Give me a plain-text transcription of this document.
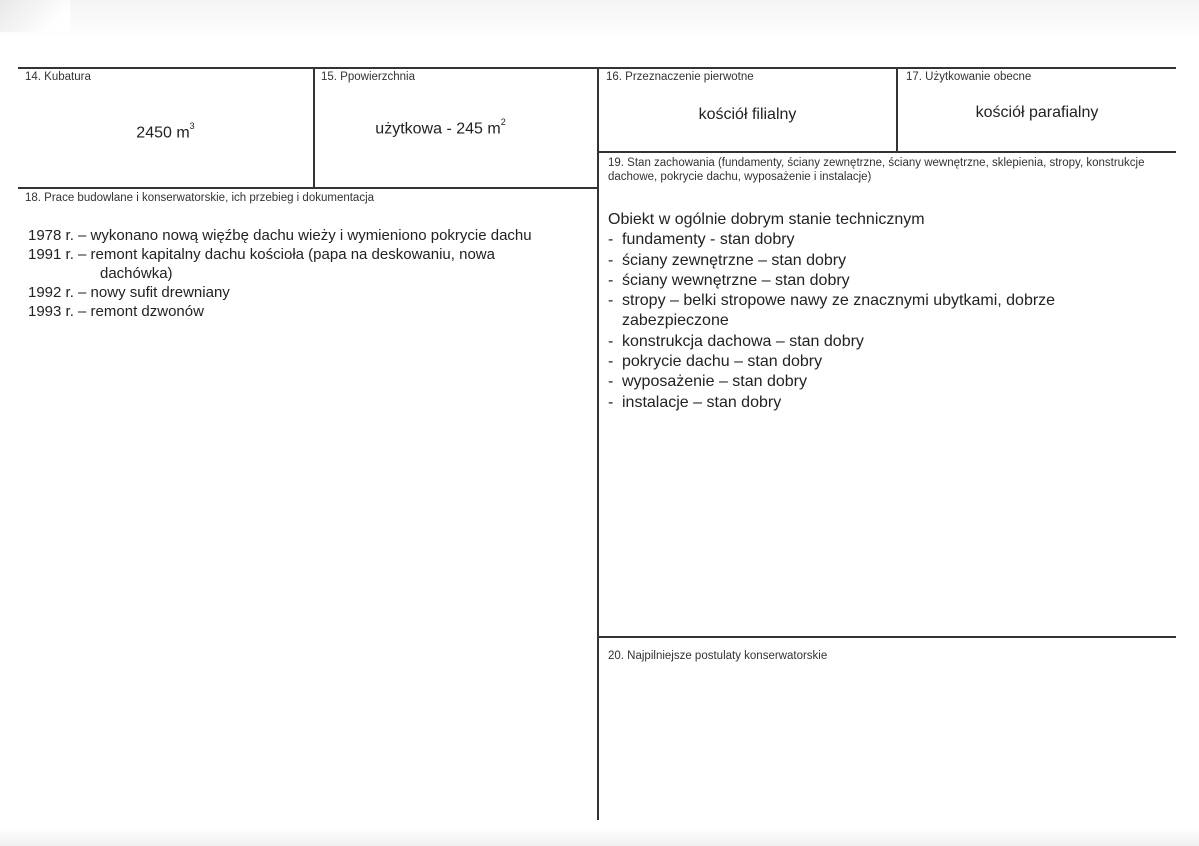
14. Kubatura
2450 $m^3$
15. Ppowierzchnia
użytkowa - 245 $m^2$
16. Przeznaczenie pierwotne
kościół filialny
17. Użytkowanie obecne
kościół parafialny
18. Prace budowlane i konserwatorskie, ich przebieg i dokumentacja
1978 r. – wykonano nową więźbę dachu wieży i wymieniono pokrycie dachu
1991 r. – remont kapitalny dachu kościoła (papa na deskowaniu, nowa
dachówka)
1992 r. – nowy sufit drewniany
1993 r. – remont dzwonów
19. Stan zachowania (fundamenty, ściany zewnętrzne, ściany wewnętrzne, sklepienia, stropy, konstrukcje dachowe, pokrycie dachu, wyposażenie i instalacje)
Obiekt w ogólnie dobrym stanie technicznym
- fundamenty - stan dobry
- ściany zewnętrzne – stan dobry
- ściany wewnętrzne – stan dobry
- stropy – belki stropowe nawy ze znacznymi ubytkami, dobrze zabezpieczone
- konstrukcja dachowa – stan dobry
- pokrycie dachu – stan dobry
- wyposażenie – stan dobry
- instalacje – stan dobry
20. Najpilniejsze postulaty konserwatorskie
